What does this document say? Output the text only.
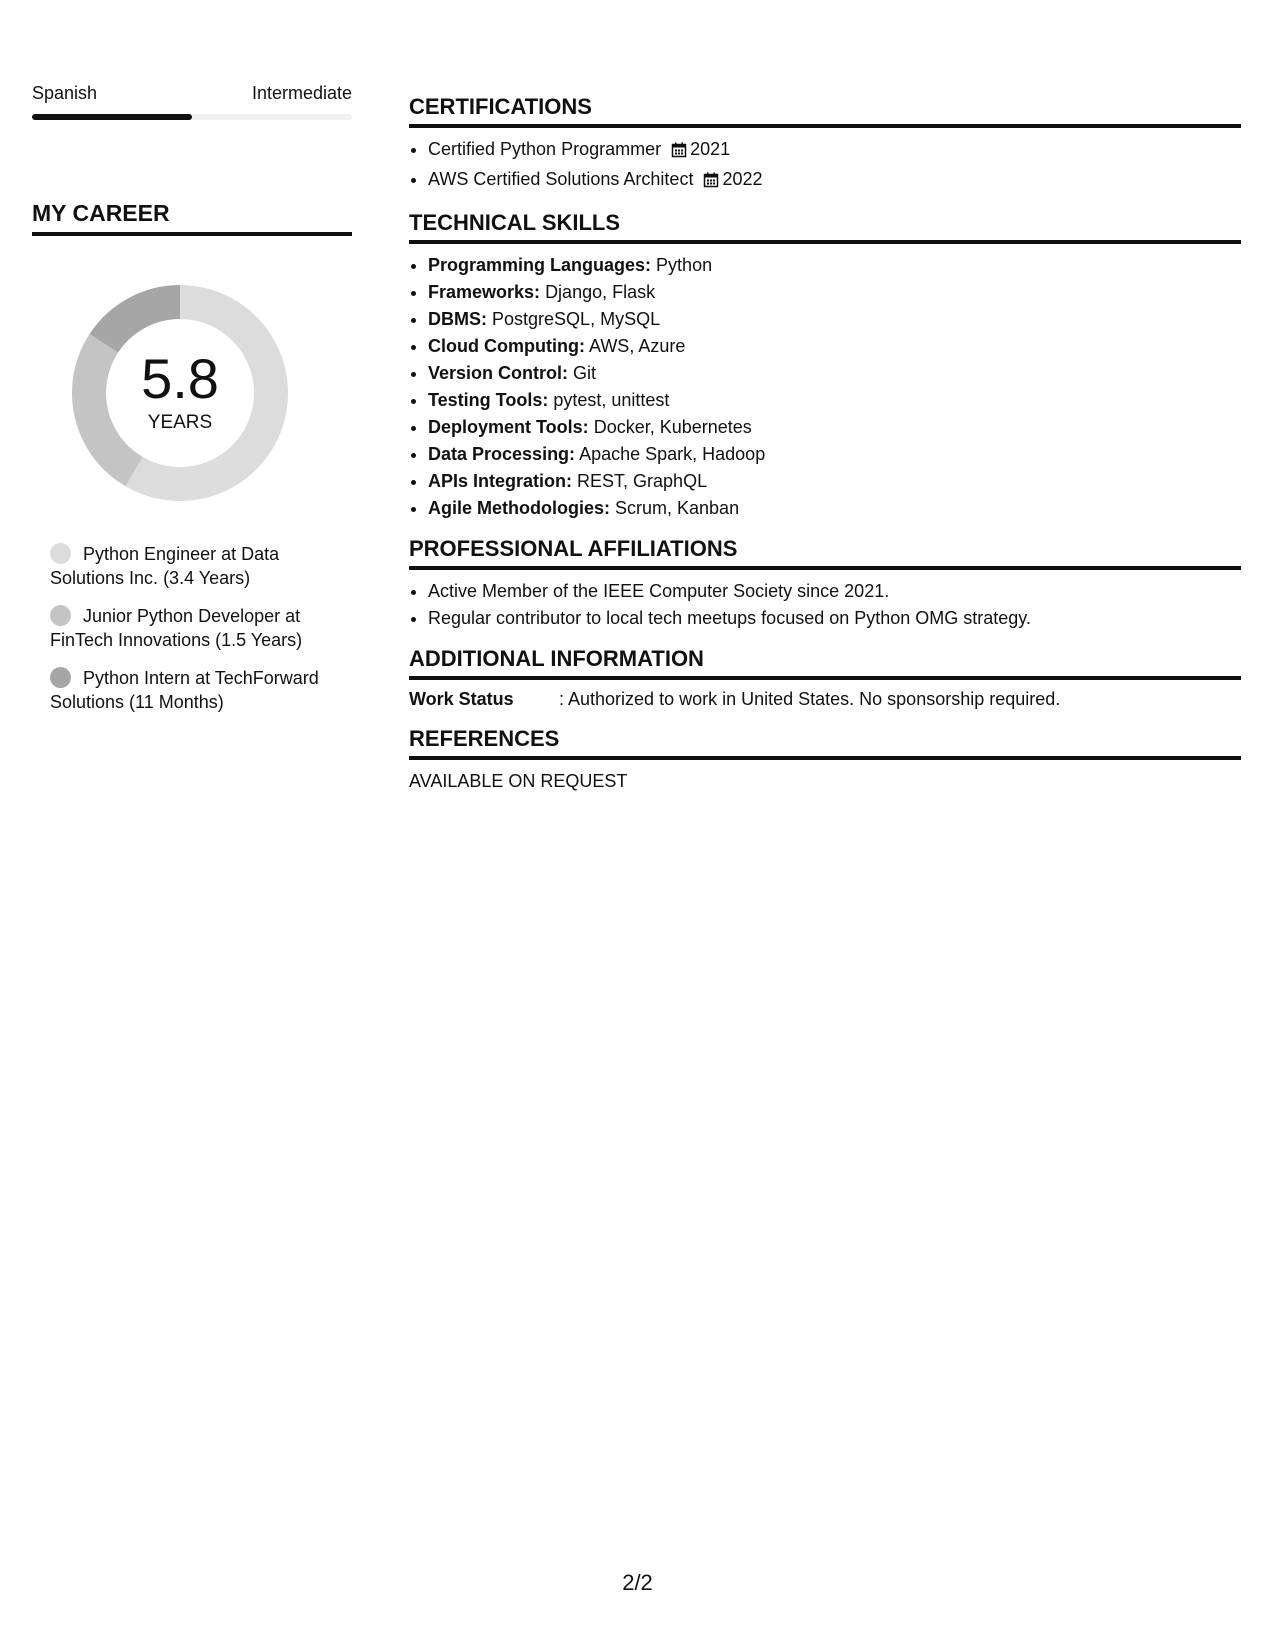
Spanish	Intermediate
MY CAREER
5.8
YEARS
Python Engineer at Data Solutions Inc. (3.4 Years)
Junior Python Developer at FinTech Innovations (1.5 Years)
Python Intern at TechForward Solutions (11 Months)
CERTIFICATIONS
• Certified Python Programmer 2021
• AWS Certified Solutions Architect 2022
TECHNICAL SKILLS
• Programming Languages: Python
• Frameworks: Django, Flask
• DBMS: PostgreSQL, MySQL
• Cloud Computing: AWS, Azure
• Version Control: Git
• Testing Tools: pytest, unittest
• Deployment Tools: Docker, Kubernetes
• Data Processing: Apache Spark, Hadoop
• APIs Integration: REST, GraphQL
• Agile Methodologies: Scrum, Kanban
PROFESSIONAL AFFILIATIONS
• Active Member of the IEEE Computer Society since 2021.
• Regular contributor to local tech meetups focused on Python OMG strategy.
ADDITIONAL INFORMATION
Work Status	: Authorized to work in United States. No sponsorship required.
REFERENCES
AVAILABLE ON REQUEST
2/2
